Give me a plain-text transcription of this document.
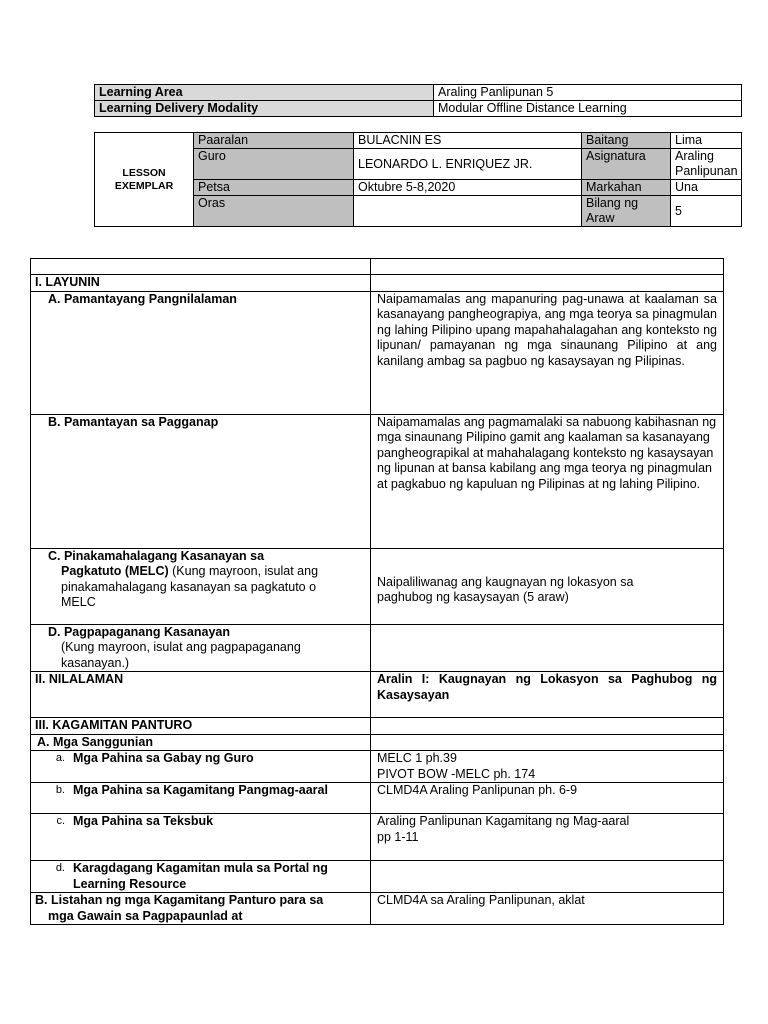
Learning Area	Araling Panlipunan 5
Learning Delivery Modality	Modular Offline Distance Learning
LESSON
EXEMPLAR	Paaralan	BULACNIN ES	Baitang	Lima
	Guro	LEONARDO L. ENRIQUEZ JR.	Asignatura	Araling
Panlipunan
	Petsa	Oktubre 5-8,2020	Markahan	Una
	Oras		Bilang ng
Araw	5

I. LAYUNIN	
A. Pamantayang Pangnilalaman	Naipamamalas ang mapanuring pag-unawa at kaalaman sa kasanayang pangheograpiya, ang mga teorya sa pinagmulan ng lahing Pilipino upang mapahahalagahan ang konteksto ng lipunan/ pamayanan ng mga sinaunang Pilipino at ang kanilang ambag sa pagbuo ng kasaysayan ng Pilipinas.
B. Pamantayan sa Pagganap	Naipamamalas ang pagmamalaki sa nabuong kabihasnan ng mga sinaunang Pilipino gamit ang kaalaman sa kasanayang pangheograpikal at mahahalagang konteksto ng kasaysayan ng lipunan at bansa kabilang ang mga teorya ng pinagmulan at pagkabuo ng kapuluan ng Pilipinas at ng lahing Pilipino.
C. Pinakamahalagang Kasanayan sa

Pagkatuto (MELC) (Kung mayroon, isulat ang
pinakamahalagang kasanayan sa pagkatuto o
MELC	Naipaliliwanag ang kaugnayan ng lokasyon sa
paghubog ng kasaysayan (5 araw)
D. Pagpapaganang Kasanayan
(Kung mayroon, isulat ang pagpapaganang
kasanayan.)	

II. NILALAMAN	Aralin I: Kaugnayan ng Lokasyon sa Paghubog ng Kasaysayan
III. KAGAMITAN PANTURO	
A. Mga Sanggunian	

a. Mga Pahina sa Gabay ng Guro	MELC 1 ph.39
PIVOT BOW -MELC ph. 174

b. Mga Pahina sa Kagamitang Pangmag-aaral	CLMD4A Araling Panlipunan ph. 6-9

c. Mga Pahina sa Teksbuk	Araling Panlipunan Kagamitang ng Mag-aaral
pp 1-11

d. Karagdagang Kagamitan mula sa Portal ng Learning Resource	

B. Listahan ng mga Kagamitang Panturo para sa mga Gawain sa Pagpapaunlad at	CLMD4A sa Araling Panlipunan, aklat
